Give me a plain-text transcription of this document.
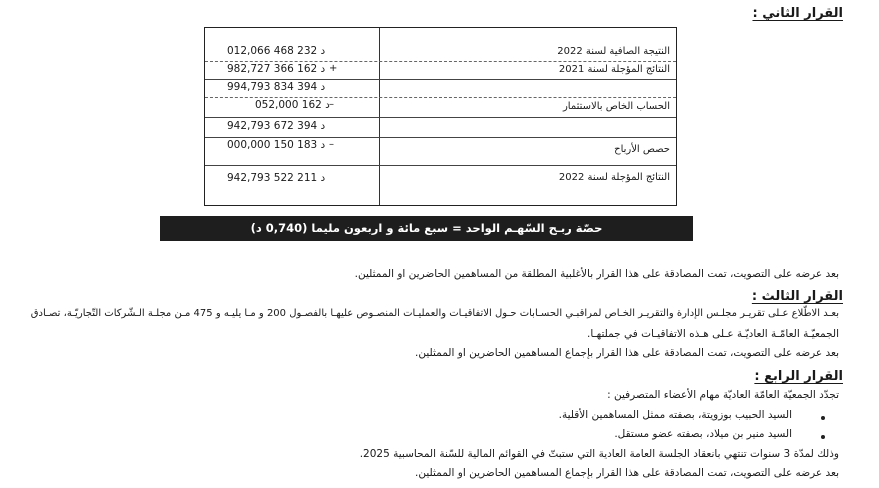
القرار الثاني :
النتيجة الصافية لسنة 2022
د 232 468 012,066
النتائج المؤجلة لسنة 2021
+
د 162 366 982,727
د 394 834 994,793
الحساب الخاص بالاستثمار
–
د 162 052,000
د 394 672 942,793
حصص الأرباح
–
د 183 150 000,000
النتائج المؤجلة لسنة 2022
د 211 522 942,793
حصّة ربـح السّهـم الواحد = سبع مائة و اربعون مليما (0,740 د)
بعد عرضه على التصويت، تمت المصادقة على هذا القرار بالأغلبية المطلقة من المساهمين الحاضرين او الممثلين.
القرار الثالث :
بعـد الاطّلاع عـلى تقريـر مجلـس الإدارة والتقريـر الخـاص لمراقبـي الحسـابات حـول الاتفاقيـات والعمليـات المنصـوص عليهـا بالفصـول 200 و مـا يليـه و 475 مـن مجلـة الـشّركات التّجاريّـة، تصـادق
الجمعيّـة العامّـة العاديّـة عـلى هـذه الاتفاقيـات في جملتهـا.
بعد عرضه على التصويت، تمت المصادقة على هذا القرار بإجماع المساهمين الحاضرين او الممثلين.
القرار الرابع :
تجدّد الجمعيّة العامّة العاديّة مهام الأعضاء المتصرفين :
السيد الحبيب بوزويتة، بصفته ممثل المساهمين الأقلية.
السيد منير بن ميلاد، بصفته عضو مستقل.
وذلك لمدّة 3 سنوات تنتهي بانعقاد الجلسة العامة العادية التي ستبتّ في القوائم المالية للسّنة المحاسبية 2025.
بعد عرضه على التصويت، تمت المصادقة على هذا القرار بإجماع المساهمين الحاضرين او الممثلين.
